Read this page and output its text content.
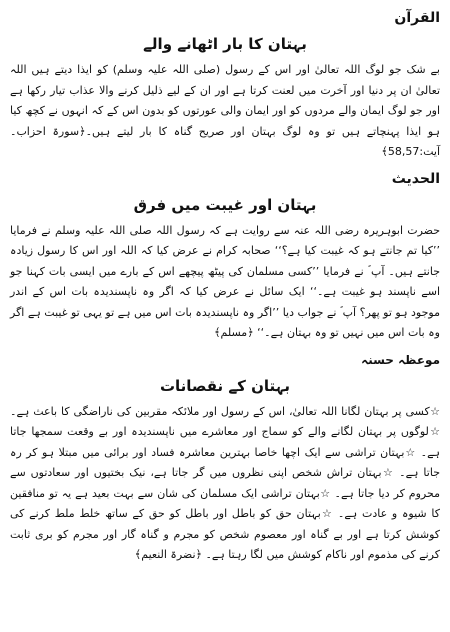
القرآن

بہتان کا بار اٹھانے والے

بے شک جو لوگ اللہ تعالیٰ اور اس کے رسول (صلی اللہ علیہ وسلم) کو ایذا دیتے ہیں اللہ تعالیٰ ان پر دنیا اور آخرت میں لعنت کرتا ہے اور ان کے لیے ذلیل کرنے والا عذاب تیار رکھا ہے اور جو لوگ ایمان والے مردوں کو اور ایمان والی عورتوں کو بدون اس کے کہ انہوں نے کچھ کیا ہو ایذا پہنچاتے ہیں تو وہ لوگ بہتان اور صریح گناہ کا بار لیتے ہیں۔﴿سورۃ احزاب۔ آیت:58,57﴾

الحدیث

بہتان اور غیبت میں فرق

حضرت ابوہریرہ رضی اللہ عنہ سے روایت ہے کہ رسول اللہ صلی اللہ علیہ وسلم نے فرمایا ’’کیا تم جانتے ہو کہ غیبت کیا ہے؟‘‘ صحابہ کرام نے عرض کیا کہ اللہ اور اس کا رسول زیادہ جانتے ہیں۔ آپ ؐ نے فرمایا ’’کسی مسلمان کی پیٹھ پیچھے اس کے بارے میں ایسی بات کہنا جو اسے ناپسند ہو غیبت ہے۔‘‘ ایک سائل نے عرض کیا کہ اگر وہ ناپسندیدہ بات اس کے اندر موجود ہو تو پھر؟ آپ ؐ نے جواب دیا ’’اگر وہ ناپسندیدہ بات اس میں ہے تو یہی تو غیبت ہے اگر وہ بات اس میں نہیں تو وہ بہتان ہے۔‘‘ ﴿مسلم﴾

موعظہ حسنہ

بہتان کے نقصانات

☆کسی پر بہتان لگانا اللہ تعالیٰ، اس کے رسول اور ملائکہ مقربین کی ناراضگی کا باعث ہے۔ ☆لوگوں پر بہتان لگانے والے کو سماج اور معاشرے میں ناپسندیدہ اور بے وقعت سمجھا جاتا ہے۔ ☆بہتان تراشی سے ایک اچھا خاصا بہترین معاشرہ فساد اور برائی میں مبتلا ہو کر رہ جاتا ہے۔ ☆بہتان تراش شخص اپنی نظروں میں گر جاتا ہے، نیک بختیوں اور سعادتوں سے محروم کر دیا جاتا ہے۔ ☆بہتان تراشی ایک مسلمان کی شان سے بہت بعید ہے یہ تو منافقین کا شیوہ و عادت ہے۔ ☆بہتان حق کو باطل اور باطل کو حق کے ساتھ خلط ملط کرنے کی کوشش کرتا ہے اور بے گناہ اور معصوم شخص کو مجرم و گناہ گار اور مجرم کو بری ثابت کرنے کی مذموم اور ناکام کوشش میں لگا رہتا ہے۔ ﴿نضرۃ النعیم﴾
